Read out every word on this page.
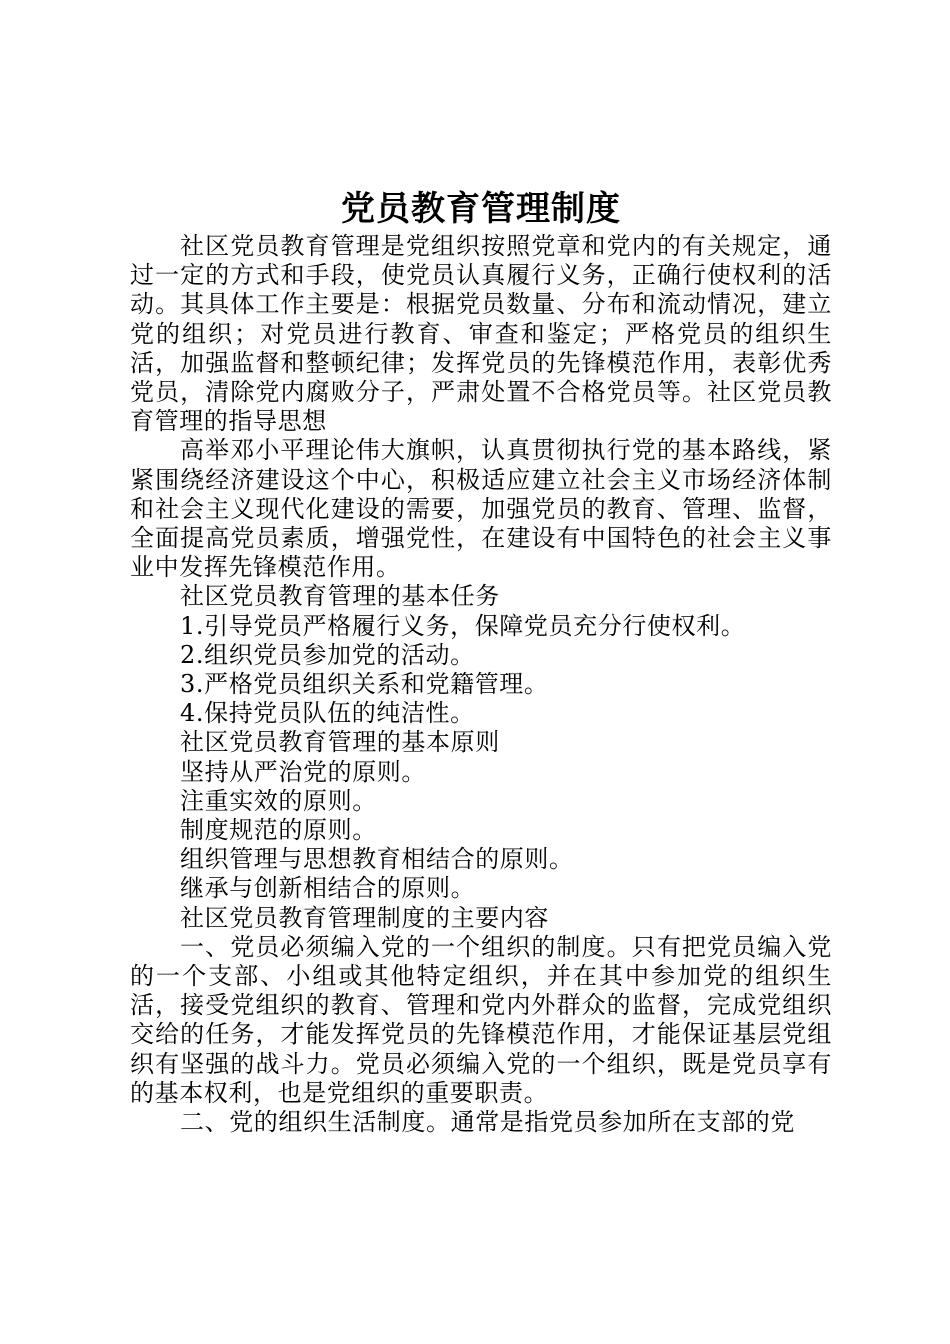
党员教育管理制度

社区党员教育管理是党组织按照党章和党内的有关规定，通过一定的方式和手段，使党员认真履行义务，正确行使权利的活动。其具体工作主要是：根据党员数量、分布和流动情况，建立党的组织；对党员进行教育、审查和鉴定；严格党员的组织生活，加强监督和整顿纪律；发挥党员的先锋模范作用，表彰优秀党员，清除党内腐败分子，严肃处置不合格党员等。社区党员教育管理的指导思想

高举邓小平理论伟大旗帜，认真贯彻执行党的基本路线，紧紧围绕经济建设这个中心，积极适应建立社会主义市场经济体制和社会主义现代化建设的需要，加强党员的教育、管理、监督，全面提高党员素质，增强党性，在建设有中国特色的社会主义事业中发挥先锋模范作用。

社区党员教育管理的基本任务

1.引导党员严格履行义务，保障党员充分行使权利。

2.组织党员参加党的活动。

3.严格党员组织关系和党籍管理。

4.保持党员队伍的纯洁性。

社区党员教育管理的基本原则

坚持从严治党的原则。

注重实效的原则。

制度规范的原则。

组织管理与思想教育相结合的原则。

继承与创新相结合的原则。

社区党员教育管理制度的主要内容

一、党员必须编入党的一个组织的制度。只有把党员编入党的一个支部、小组或其他特定组织，并在其中参加党的组织生活，接受党组织的教育、管理和党内外群众的监督，完成党组织交给的任务，才能发挥党员的先锋模范作用，才能保证基层党组织有坚强的战斗力。党员必须编入党的一个组织，既是党员享有的基本权利，也是党组织的重要职责。

二、党的组织生活制度。通常是指党员参加所在支部的党
